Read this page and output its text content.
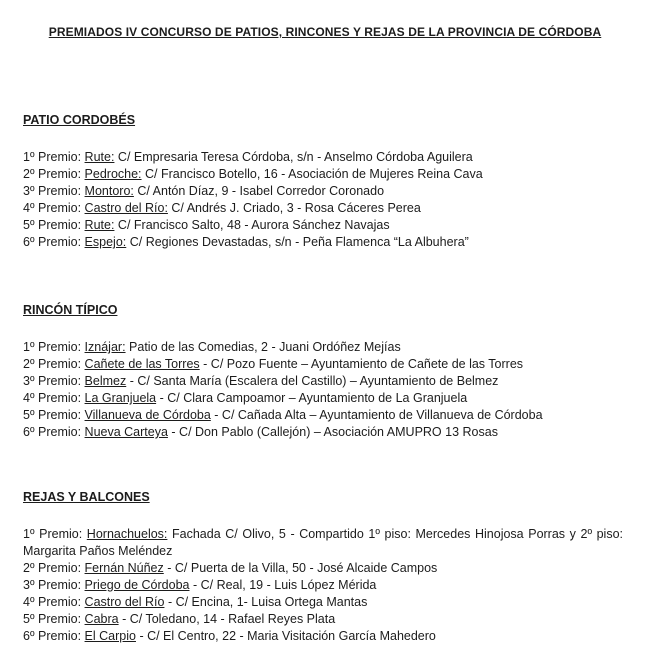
PREMIADOS IV CONCURSO DE PATIOS, RINCONES Y REJAS DE LA PROVINCIA DE CÓRDOBA
PATIO CORDOBÉS
1º Premio: Rute: C/ Empresaria Teresa Córdoba, s/n - Anselmo Córdoba Aguilera
2º Premio: Pedroche: C/ Francisco Botello, 16 - Asociación de Mujeres Reina Cava
3º Premio: Montoro: C/ Antón Díaz, 9 - Isabel Corredor Coronado
4º Premio: Castro del Río: C/ Andrés J. Criado, 3 - Rosa Cáceres Perea
5º Premio: Rute: C/ Francisco Salto, 48 - Aurora Sánchez Navajas
6º Premio: Espejo: C/ Regiones Devastadas, s/n - Peña Flamenca “La Albuhera”
RINCÓN TÍPICO
1º Premio: Iznájar: Patio de las Comedias, 2 - Juani Ordóñez Mejías
2º Premio: Cañete de las Torres - C/ Pozo Fuente – Ayuntamiento de Cañete de las Torres
3º Premio: Belmez - C/ Santa María (Escalera del Castillo) – Ayuntamiento de Belmez
4º Premio: La Granjuela - C/ Clara Campoamor – Ayuntamiento de La Granjuela
5º Premio: Villanueva de Córdoba - C/ Cañada Alta – Ayuntamiento de Villanueva de Córdoba
6º Premio: Nueva Carteya - C/ Don Pablo (Callejón) – Asociación AMUPRO 13 Rosas
REJAS Y BALCONES
1º Premio: Hornachuelos: Fachada C/ Olivo, 5 - Compartido 1º piso: Mercedes Hinojosa Porras y 2º piso: Margarita Paños Meléndez
2º Premio: Fernán Núñez - C/ Puerta de la Villa, 50 - José Alcaide Campos
3º Premio: Priego de Córdoba - C/ Real, 19 - Luis López Mérida
4º Premio: Castro del Río - C/ Encina, 1- Luisa Ortega Mantas
5º Premio: Cabra - C/ Toledano, 14 - Rafael Reyes Plata
6º Premio: El Carpio - C/ El Centro, 22 - Maria Visitación García Mahedero
